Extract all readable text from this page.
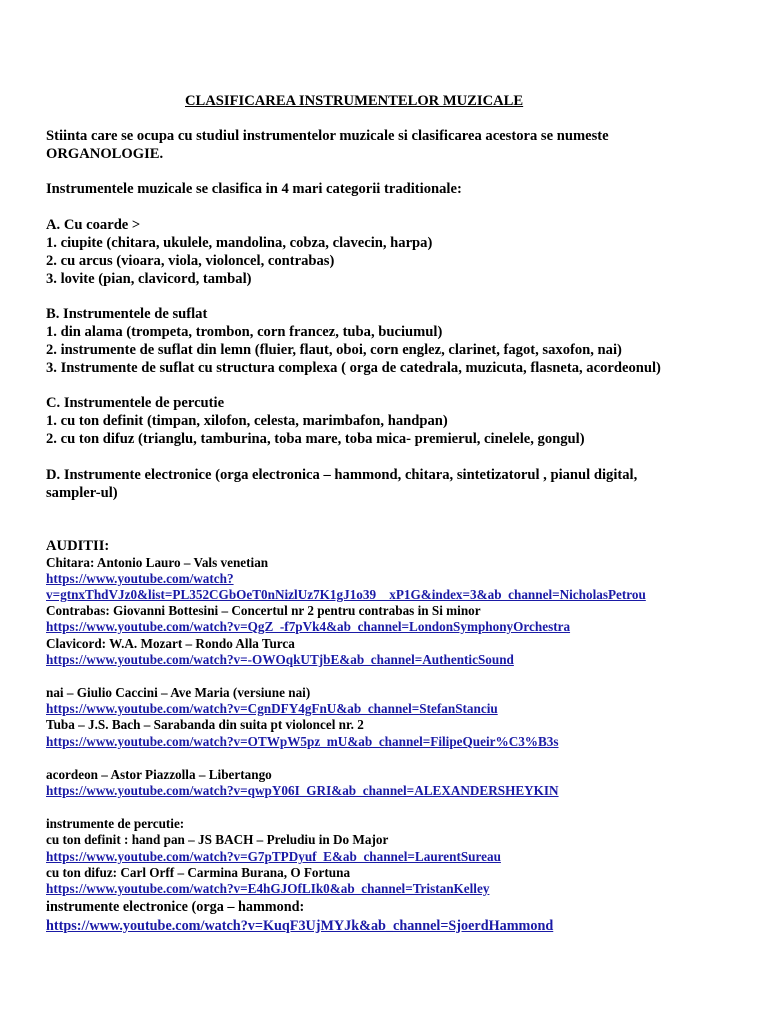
CLASIFICAREA INSTRUMENTELOR MUZICALE
Stiinta care se ocupa cu studiul instrumentelor muzicale si clasificarea acestora se numeste
ORGANOLOGIE.
Instrumentele muzicale se clasifica in 4 mari categorii traditionale:
A. Cu coarde >
1. ciupite (chitara, ukulele, mandolina, cobza, clavecin, harpa)
2. cu arcus (vioara, viola, violoncel, contrabas)
3. lovite (pian, clavicord, tambal)
B. Instrumentele de suflat
1. din alama (trompeta, trombon, corn francez, tuba, buciumul)
2. instrumente de suflat din lemn (fluier, flaut, oboi, corn englez, clarinet, fagot, saxofon, nai)
3. Instrumente de suflat cu structura complexa ( orga de catedrala, muzicuta, flasneta, acordeonul)
C. Instrumentele de percutie
1. cu ton definit (timpan, xilofon, celesta, marimbafon, handpan)
2. cu ton difuz (trianglu, tamburina, toba mare, toba mica- premierul, cinelele, gongul)
D. Instrumente electronice (orga electronica – hammond, chitara, sintetizatorul , pianul digital,
sampler-ul)
AUDITII:
Chitara: Antonio Lauro – Vals venetian
https://www.youtube.com/watch?
v=gtnxThdVJz0&list=PL352CGbOeT0nNizlUz7K1gJ1o39__xP1G&index=3&ab_channel=NicholasPetrou
Contrabas: Giovanni Bottesini – Concertul nr 2 pentru contrabas in Si minor
https://www.youtube.com/watch?v=QgZ_-f7pVk4&ab_channel=LondonSymphonyOrchestra
Clavicord: W.A. Mozart – Rondo Alla Turca
https://www.youtube.com/watch?v=-OWOqkUTjbE&ab_channel=AuthenticSound
nai – Giulio Caccini – Ave Maria (versiune nai)
https://www.youtube.com/watch?v=CgnDFY4gFnU&ab_channel=StefanStanciu
Tuba – J.S. Bach – Sarabanda din suita pt violoncel nr. 2
https://www.youtube.com/watch?v=OTWpW5pz_mU&ab_channel=FilipeQueir%C3%B3s
acordeon – Astor Piazzolla – Libertango
https://www.youtube.com/watch?v=qwpY06I_GRI&ab_channel=ALEXANDERSHEYKIN
instrumente de percutie:
cu ton definit : hand pan – JS BACH – Preludiu in Do Major
https://www.youtube.com/watch?v=G7pTPDyuf_E&ab_channel=LaurentSureau
cu ton difuz: Carl Orff – Carmina Burana, O Fortuna
https://www.youtube.com/watch?v=E4hGJOfLIk0&ab_channel=TristanKelley
instrumente electronice (orga – hammond:
https://www.youtube.com/watch?v=KuqF3UjMYJk&ab_channel=SjoerdHammond
